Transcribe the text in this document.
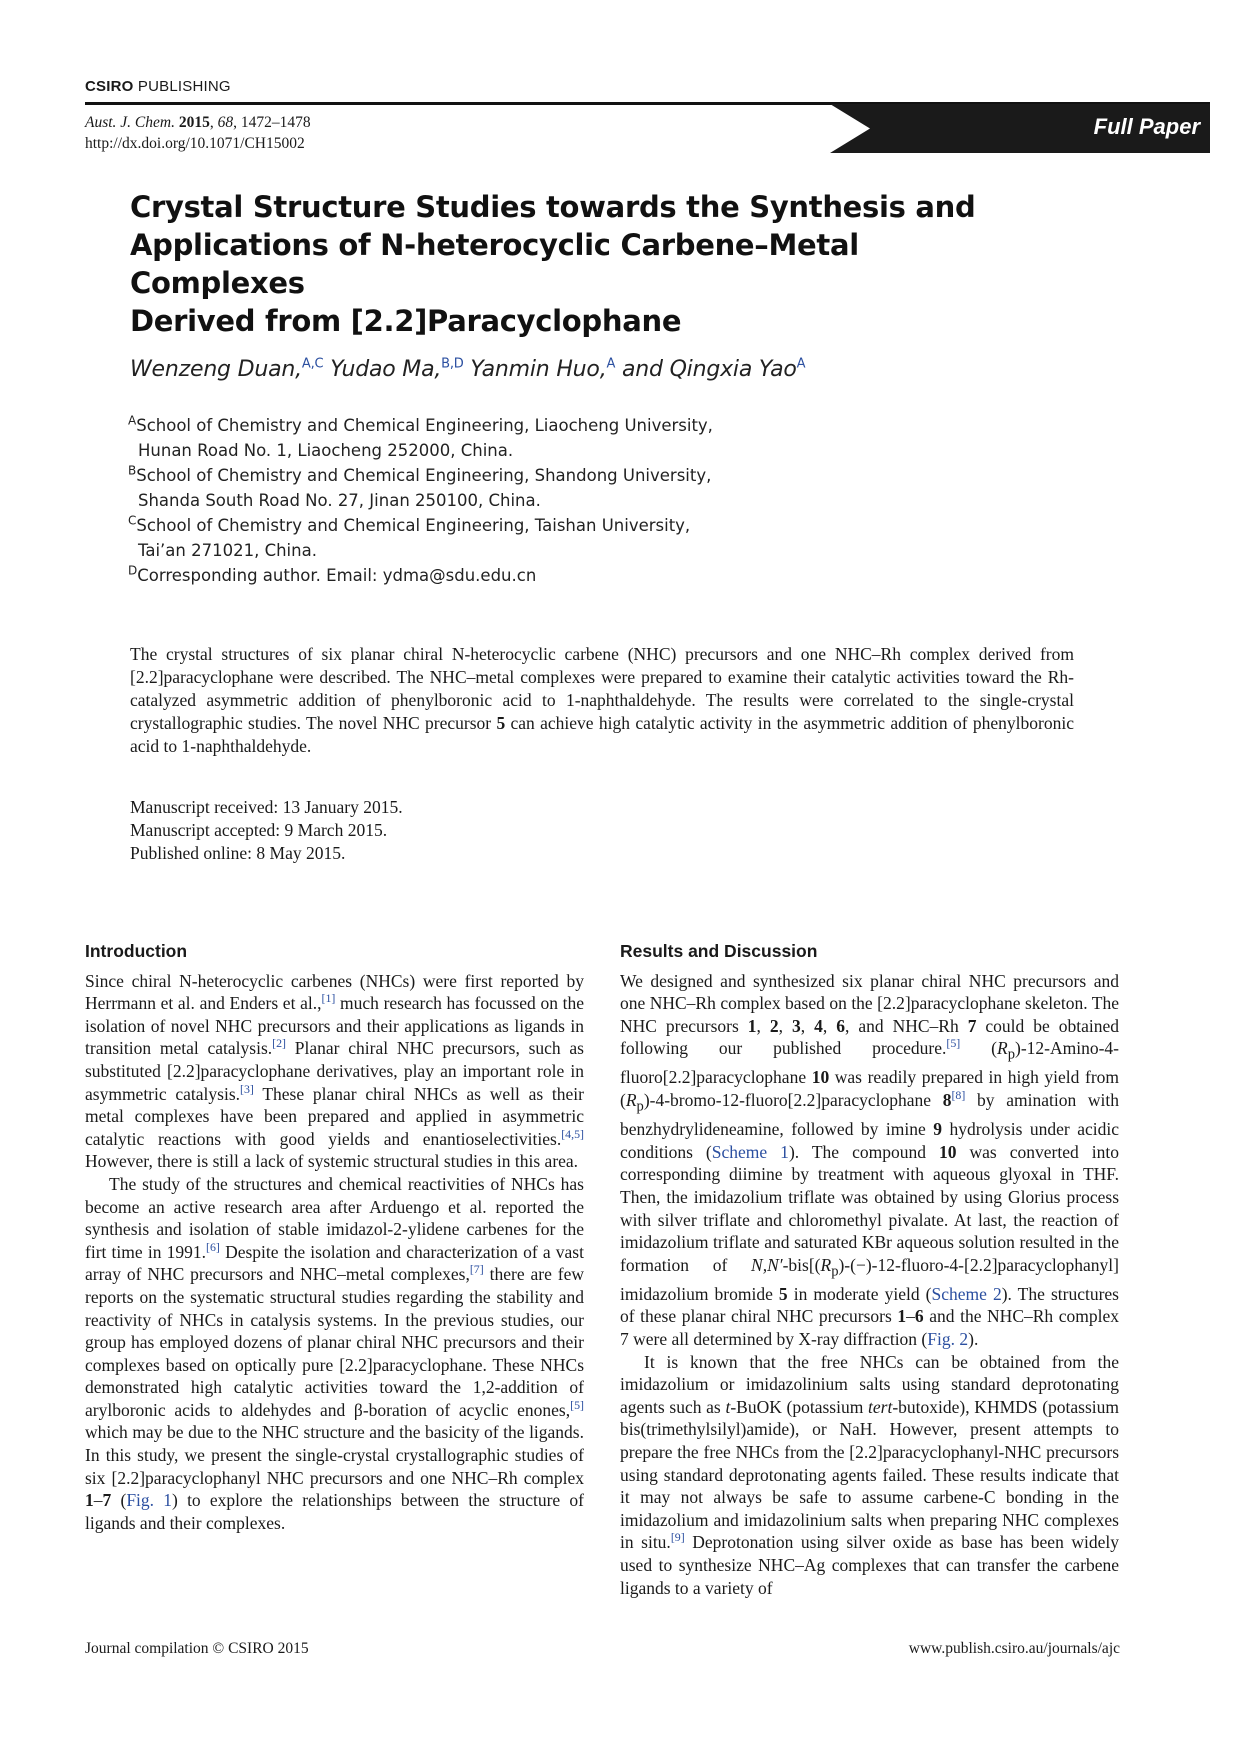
CSIRO PUBLISHING
Full Paper
Aust. J. Chem. 2015, 68, 1472–1478
http://dx.doi.org/10.1071/CH15002
Crystal Structure Studies towards the Synthesis and
Applications of N-heterocyclic Carbene–Metal Complexes
Derived from [2.2]Paracyclophane
Wenzeng Duan,$^{A,C}$ Yudao Ma,$^{B,D}$ Yanmin Huo,$^A$ and Qingxia Yao$^A$
$^A$School of Chemistry and Chemical Engineering, Liaocheng University,
Hunan Road No. 1, Liaocheng 252000, China.
$^B$School of Chemistry and Chemical Engineering, Shandong University,
Shanda South Road No. 27, Jinan 250100, China.
$^C$School of Chemistry and Chemical Engineering, Taishan University,
Tai’an 271021, China.
$^D$Corresponding author. Email: ydma@sdu.edu.cn
The crystal structures of six planar chiral N-heterocyclic carbene (NHC) precursors and one NHC–Rh complex derived from [2.2]paracyclophane were described. The NHC–metal complexes were prepared to examine their catalytic activities toward the Rh-catalyzed asymmetric addition of phenylboronic acid to 1-naphthaldehyde. The results were correlated to the single-crystal crystallographic studies. The novel NHC precursor 5 can achieve high catalytic activity in the asymmetric addition of phenylboronic acid to 1-naphthaldehyde.
Manuscript received: 13 January 2015.
Manuscript accepted: 9 March 2015.
Published online: 8 May 2015.
Introduction

Since chiral N-heterocyclic carbenes (NHCs) were first reported by Herrmann et al. and Enders et al.,[1] much research has focussed on the isolation of novel NHC precursors and their applications as ligands in transition metal catalysis.[2] Planar chiral NHC precursors, such as substituted [2.2]paracyclophane derivatives, play an important role in asymmetric catalysis.[3] These planar chiral NHCs as well as their metal complexes have been prepared and applied in asymmetric catalytic reactions with good yields and enantioselectivities.[4,5] However, there is still a lack of systemic structural studies in this area.

The study of the structures and chemical reactivities of NHCs has become an active research area after Arduengo et al. reported the synthesis and isolation of stable imidazol-2-ylidene carbenes for the firt time in 1991.[6] Despite the isolation and characterization of a vast array of NHC precursors and NHC–metal complexes,[7] there are few reports on the systematic structural studies regarding the stability and reactivity of NHCs in catalysis systems. In the previous studies, our group has employed dozens of planar chiral NHC precursors and their complexes based on optically pure [2.2]paracyclophane. These NHCs demonstrated high catalytic activities toward the 1,2-addition of arylboronic acids to aldehydes and β-boration of acyclic enones,[5] which may be due to the NHC structure and the basicity of the ligands. In this study, we present the single-crystal crystallographic studies of six [2.2]paracyclophanyl NHC precursors and one NHC–Rh complex 1–7 (Fig. 1) to explore the relationships between the structure of ligands and their complexes.

Results and Discussion

We designed and synthesized six planar chiral NHC precursors and one NHC–Rh complex based on the [2.2]paracyclophane skeleton. The NHC precursors 1, 2, 3, 4, 6, and NHC–Rh 7 could be obtained following our published procedure.[5] $(R_p)-12-Amino-4-fluoro[2.2]paracyclophane$ 10 was readily prepared in high yield from $(R_p)-4-bromo-12-fluoro[2.2]paracyclophane$ 8[8] by amination with benzhydrylideneamine, followed by imine 9 hydrolysis under acidic conditions (Scheme 1). The compound 10 was converted into corresponding diimine by treatment with aqueous glyoxal in THF. Then, the imidazolium triflate was obtained by using Glorius process with silver triflate and chloromethyl pivalate. At last, the reaction of imidazolium triflate and saturated KBr aqueous solution resulted in the formation of $N,N'-bis[(R_p)-(-)-12-fluoro-4-[2.2]paracyclophanyl]$ imidazolium bromide 5 in moderate yield (Scheme 2). The structures of these planar chiral NHC precursors 1–6 and the NHC–Rh complex 7 were all determined by X-ray diffraction (Fig. 2).

It is known that the free NHCs can be obtained from the imidazolium or imidazolinium salts using standard deprotonating agents such as t-BuOK (potassium tert-butoxide), KHMDS (potassium bis(trimethylsilyl)amide), or NaH. However, present attempts to prepare the free NHCs from the [2.2]paracyclophanyl-NHC precursors using standard deprotonating agents failed. These results indicate that it may not always be safe to assume carbene-C bonding in the imidazolium and imidazolinium salts when preparing NHC complexes in situ.[9] Deprotonation using silver oxide as base has been widely used to synthesize NHC–Ag complexes that can transfer the carbene ligands to a variety of

Journal compilation © CSIRO 2015	www.publish.csiro.au/journals/ajc
